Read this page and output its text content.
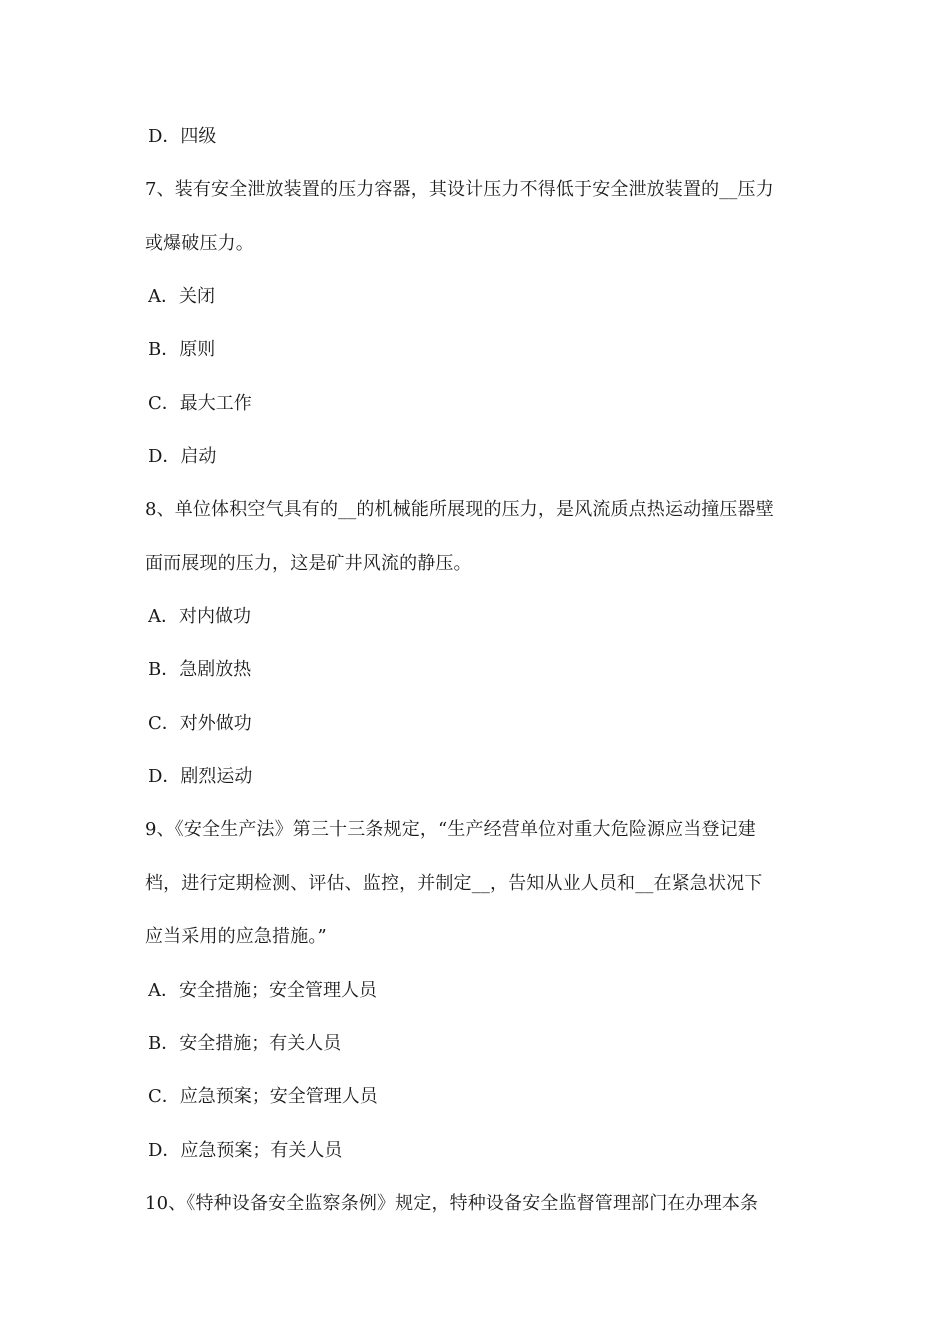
D．四级
7、装有安全泄放装置的压力容器，其设计压力不得低于安全泄放装置的__压力
或爆破压力。
A．关闭
B．原则
C．最大工作
D．启动
8、单位体积空气具有的__的机械能所展现的压力，是风流质点热运动撞压器壁
面而展现的压力，这是矿井风流的静压。
A．对内做功
B．急剧放热
C．对外做功
D．剧烈运动
9、《安全生产法》第三十三条规定，“生产经营单位对重大危险源应当登记建
档，进行定期检测、评估、监控，并制定__，告知从业人员和__在紧急状况下
应当采用的应急措施。”
A．安全措施；安全管理人员
B．安全措施；有关人员
C．应急预案；安全管理人员
D．应急预案；有关人员
10、《特种设备安全监察条例》规定，特种设备安全监督管理部门在办理本条
